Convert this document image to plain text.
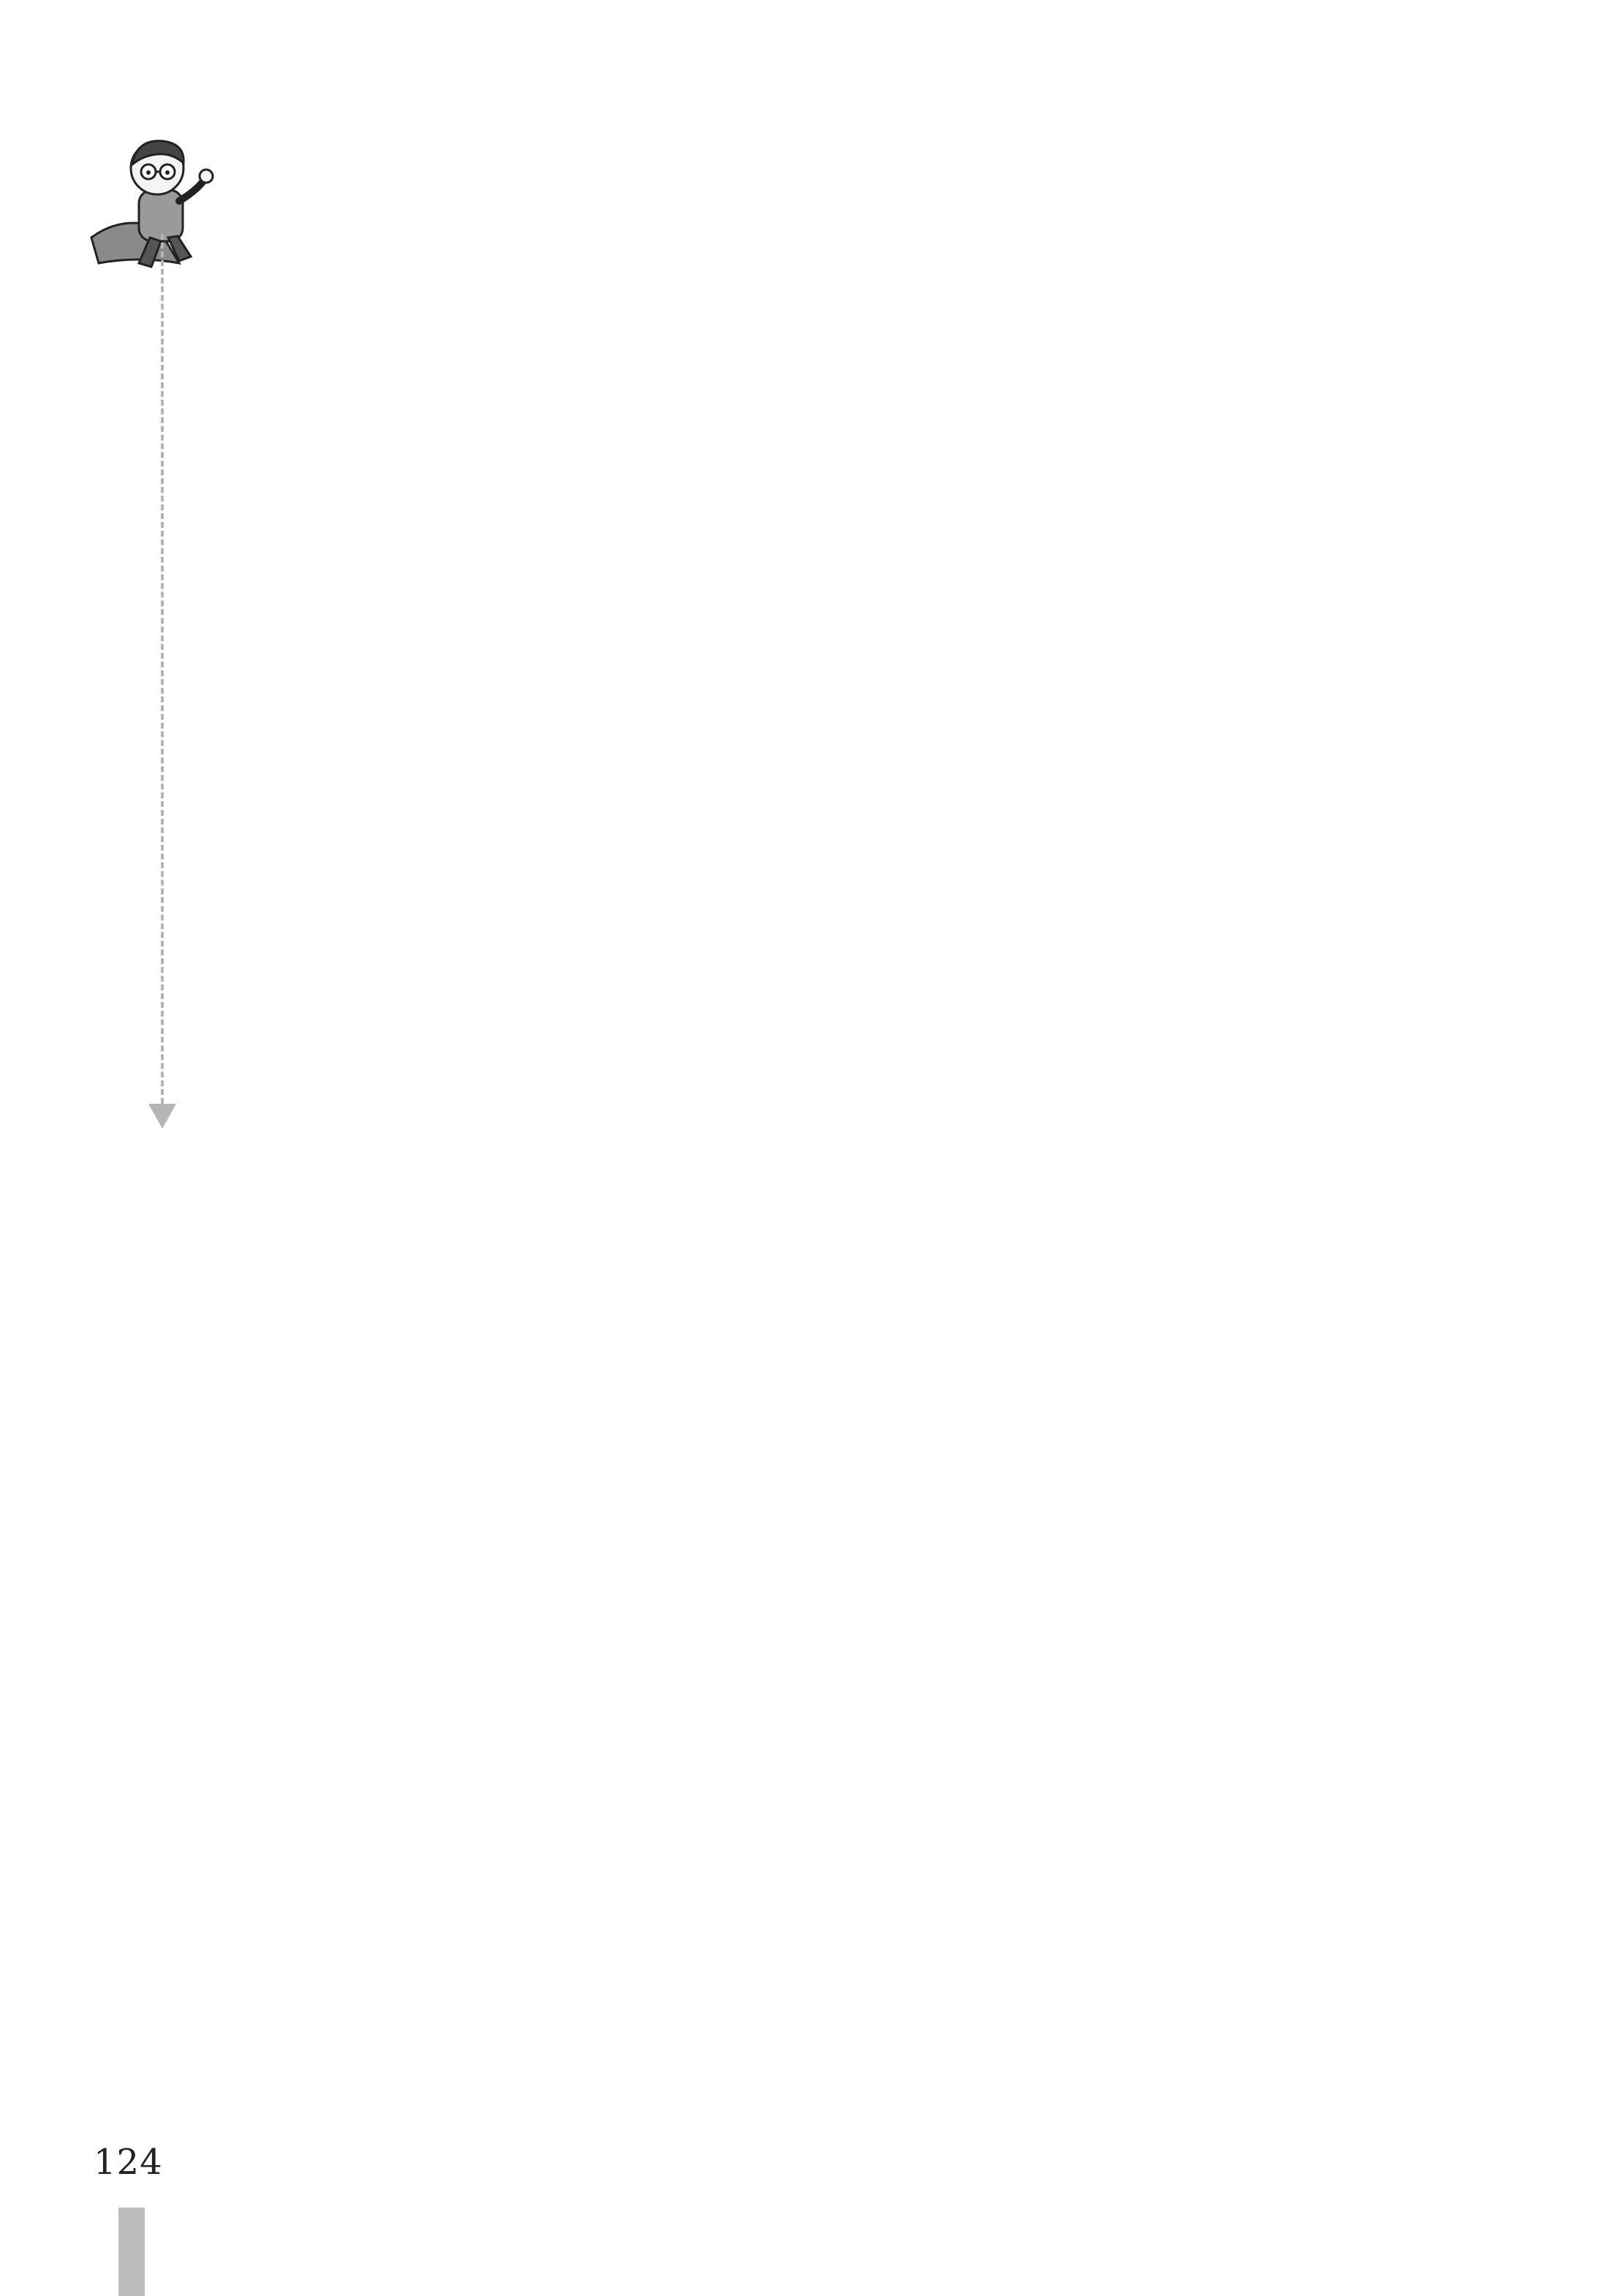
124
